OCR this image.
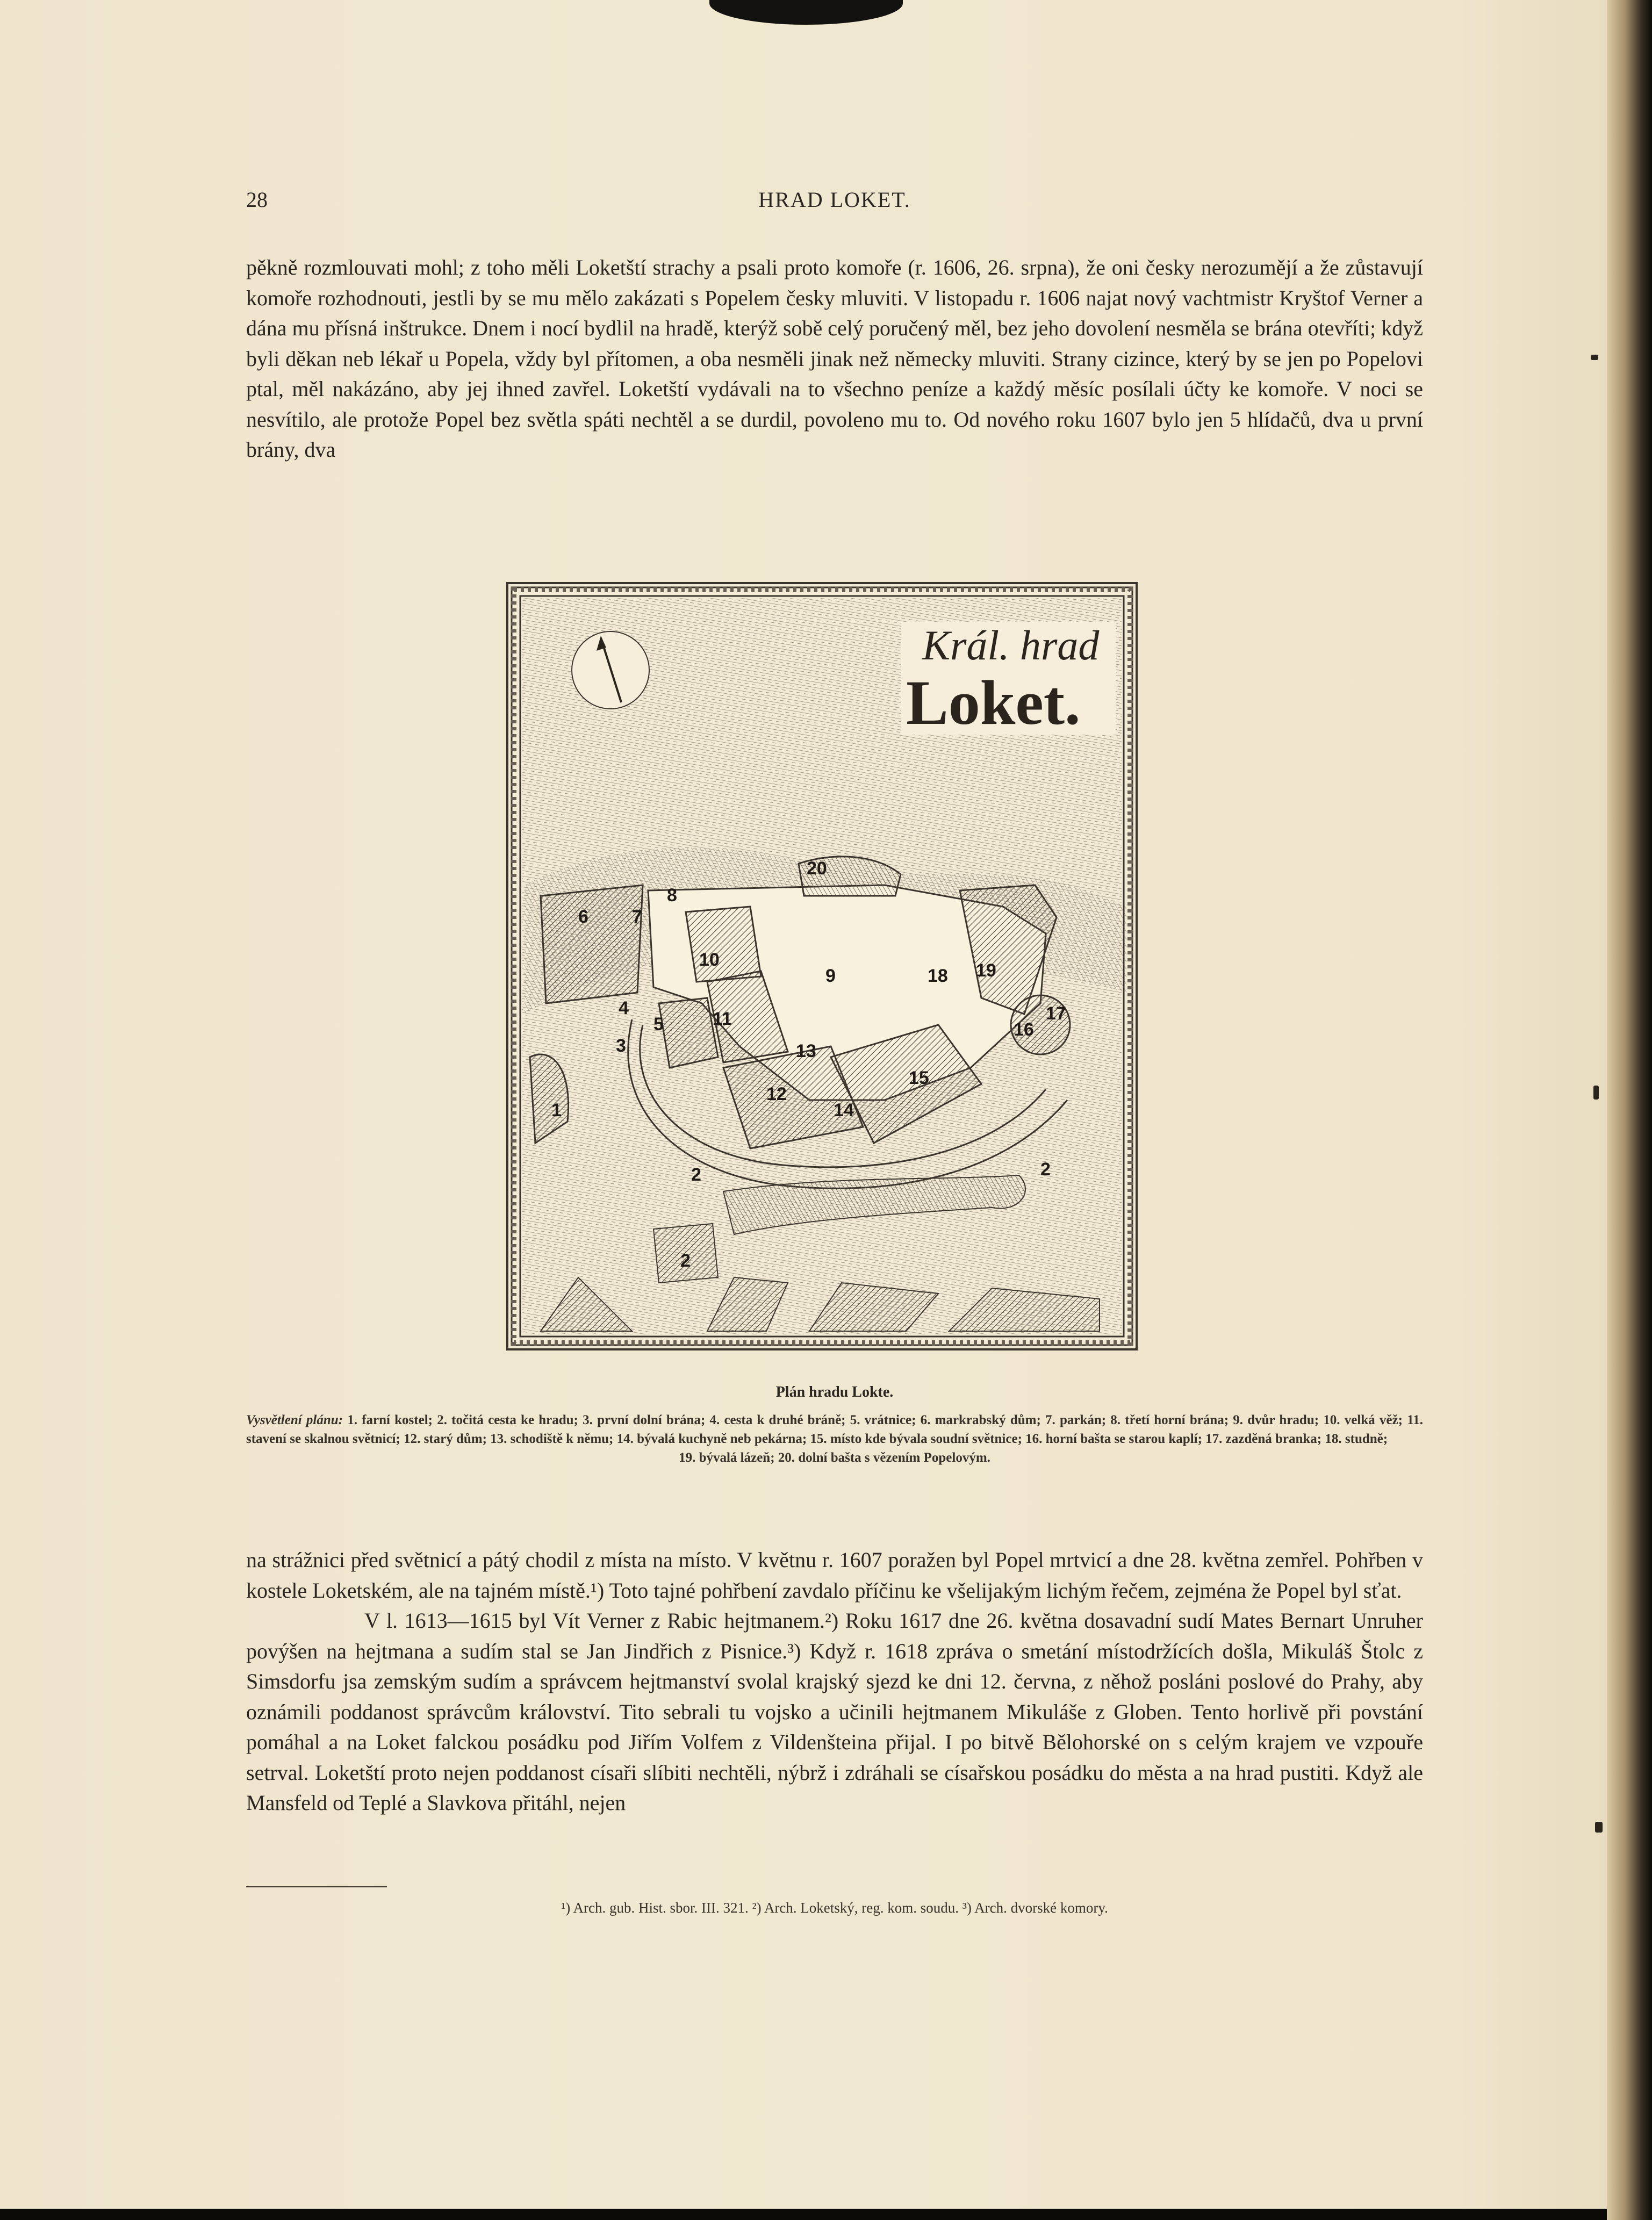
28	HRAD LOKET.

pěkně rozmlouvati mohl; z toho měli Loketští strachy a psali proto komoře (r. 1606, 26. srpna), že oni česky nerozumějí a že zůstavují komoře rozhodnouti, jestli by se mu mělo zakázati s Popelem česky mluviti. V listopadu r. 1606 najat nový vachtmistr Kryštof Verner a dána mu přísná inštrukce. Dnem i nocí bydlil na hradě, kterýž sobě celý poručený měl, bez jeho dovolení nesměla se brána otevříti; když byli děkan neb lékař u Popela, vždy byl přítomen, a oba nesměli jinak než německy mluviti. Strany cizince, který by se jen po Popelovi ptal, měl nakázáno, aby jej ihned zavřel. Loketští vydávali na to všechno peníze a každý měsíc posílali účty ke komoře. V noci se nesvítilo, ale protože Popel bez světla spáti nechtěl a se durdil, povoleno mu to. Od nového roku 1607 bylo jen 5 hlídačů, dva u první brány, dva

Král. hrad
Loket.
1
2	2
2
3
4
5
6 7
8
9
10
11
12
13
14
15
16
17
18 19
20
Plán hradu Lokte.
Vysvětlení plánu: 1. farní kostel; 2. točitá cesta ke hradu; 3. první dolní brána; 4. cesta k druhé bráně; 5. vrátnice; 6. markrabský dům; 7. parkán; 8. třetí horní brána; 9. dvůr hradu; 10. velká věž; 11. stavení se skalnou světnicí; 12. starý dům; 13. schodiště k němu; 14. bývalá kuchyně neb pekárna; 15. místo kde bývala soudní světnice; 16. horní bašta se starou kaplí; 17. zazděná branka; 18. studně;
19. bývalá lázeň; 20. dolní bašta s vězením Popelovým.

na strážnici před světnicí a pátý chodil z místa na místo. V květnu r. 1607 poražen byl Popel mrtvicí a dne 28. května zemřel. Pohřben v kostele Loketském, ale na tajném místě.¹) Toto tajné pohřbení zavdalo příčinu ke všelijakým lichým řečem, zejména že Popel byl sťat.

V l. 1613—1615 byl Vít Verner z Rabic hejtmanem.²) Roku 1617 dne 26. května dosavadní sudí Mates Bernart Unruher povýšen na hejtmana a sudím stal se Jan Jindřich z Pisnice.³) Když r. 1618 zpráva o smetání místodržících došla, Mikuláš Štolc z Simsdorfu jsa zemským sudím a správcem hejtmanství svolal krajský sjezd ke dni 12. června, z něhož posláni poslové do Prahy, aby oznámili poddanost správcům království. Tito sebrali tu vojsko a učinili hejtmanem Mikuláše z Globen. Tento horlivě při povstání pomáhal a na Loket falckou posádku pod Jiřím Volfem z Vildenšteina přijal. I po bitvě Bělohorské on s celým krajem ve vzpouře setrval. Loketští proto nejen poddanost císaři slíbiti nechtěli, nýbrž i zdráhali se císařskou posádku do města a na hrad pustiti. Když ale Mansfeld od Teplé a Slavkova přitáhl, nejen

¹) Arch. gub. Hist. sbor. III. 321. ²) Arch. Loketský, reg. kom. soudu. ³) Arch. dvorské komory.
